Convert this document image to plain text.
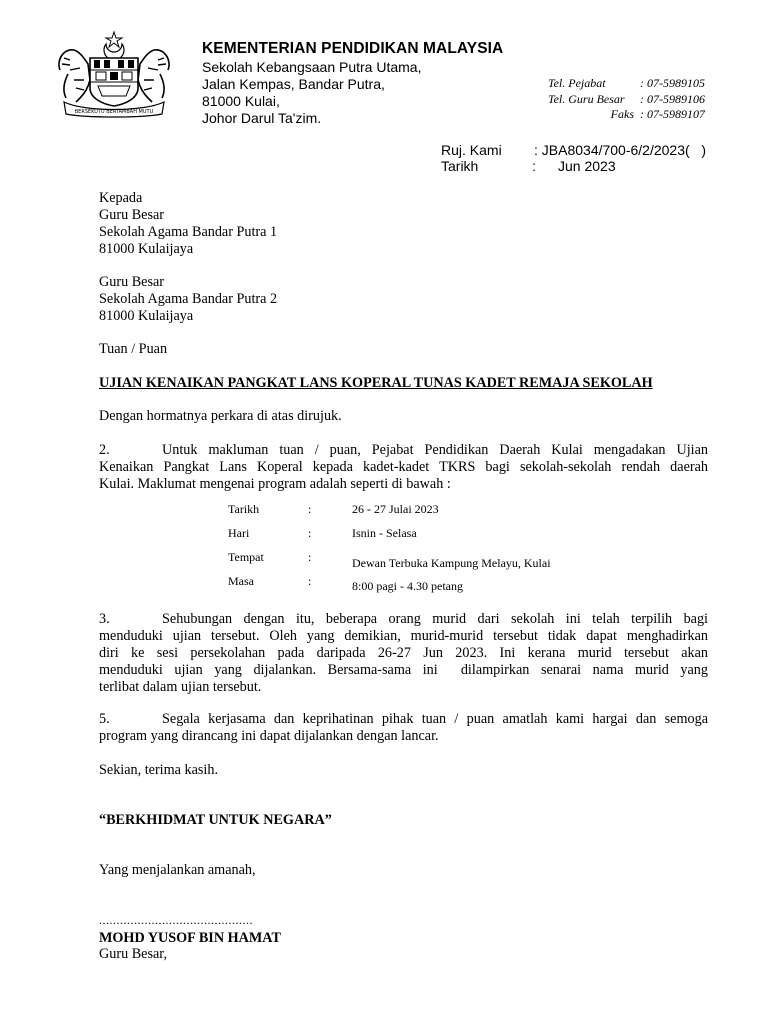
BERSEKUTU BERTAMBAH MUTU
KEMENTERIAN PENDIDIKAN MALAYSIA
Sekolah Kebangsaan Putra Utama,
Jalan Kempas, Bandar Putra,
81000 Kulai,
Johor Darul Ta'zim.
Tel. Pejabat	: 07-5989105
Tel. Guru Besar	: 07-5989106
Faks : 07-5989107
Ruj. Kami	: JBA8034/700-6/2/2023(   )
Tarikh	:	Jun 2023
Kepada
Guru Besar
Sekolah Agama Bandar Putra 1
81000 Kulaijaya
Guru Besar
Sekolah Agama Bandar Putra 2
81000 Kulaijaya
Tuan / Puan
UJIAN KENAIKAN PANGKAT LANS KOPERAL TUNAS KADET REMAJA SEKOLAH
Dengan hormatnya perkara di atas dirujuk.
2.	Untuk makluman tuan / puan, Pejabat Pendidikan Daerah Kulai mengadakan Ujian
Kenaikan Pangkat Lans Koperal kepada kadet-kadet TKRS bagi sekolah-sekolah rendah daerah
Kulai. Maklumat mengenai program adalah seperti di bawah :
Tarikh	:	26 - 27 Julai 2023
Hari	:	Isnin - Selasa
Tempat	:	Dewan Terbuka Kampung Melayu, Kulai
Masa	:	8:00 pagi - 4.30 petang
3.	Sehubungan dengan itu, beberapa orang murid dari sekolah ini telah terpilih bagi
menduduki ujian tersebut. Oleh yang demikian, murid-murid tersebut tidak dapat menghadirkan
diri ke sesi persekolahan pada daripada 26-27 Jun 2023. Ini kerana murid tersebut akan
menduduki ujian yang dijalankan. Bersama-sama ini  dilampirkan senarai nama murid yang
terlibat dalam ujian tersebut.
5.	Segala kerjasama dan keprihatinan pihak tuan / puan amatlah kami hargai dan semoga
program yang dirancang ini dapat dijalankan dengan lancar.
Sekian, terima kasih.
“BERKHIDMAT UNTUK NEGARA”
Yang menjalankan amanah,
............................................
MOHD YUSOF BIN HAMAT
Guru Besar,
